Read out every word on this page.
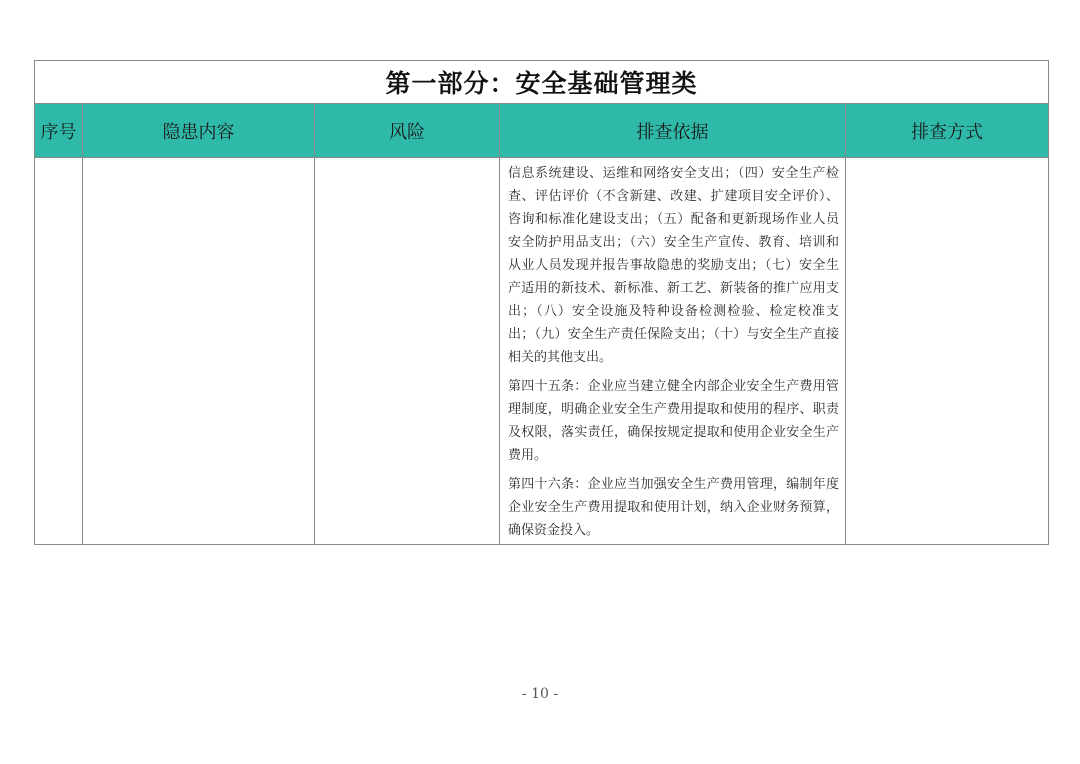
第一部分：安全基础管理类				
序号	隐患内容	风险	排查依据	排查方式

			信息系统建设、运维和网络安全支出；（四）安全生产检查、评估评价（不含新建、改建、扩建项目安全评价）、咨询和标准化建设支出；（五）配备和更新现场作业人员安全防护用品支出；（六）安全生产宣传、教育、培训和从业人员发现并报告事故隐患的奖励支出；（七）安全生产适用的新技术、新标准、新工艺、新装备的推广应用支出；（八）安全设施及特种设备检测检验、检定校准支出；（九）安全生产责任保险支出；（十）与安全生产直接相关的其他支出。

第四十五条：企业应当建立健全内部企业安全生产费用管理制度，明确企业安全生产费用提取和使用的程序、职责及权限，落实责任，确保按规定提取和使用企业安全生产费用。

第四十六条：企业应当加强安全生产费用管理，编制年度企业安全生产费用提取和使用计划，纳入企业财务预算，确保资金投入。	

- 10 -
